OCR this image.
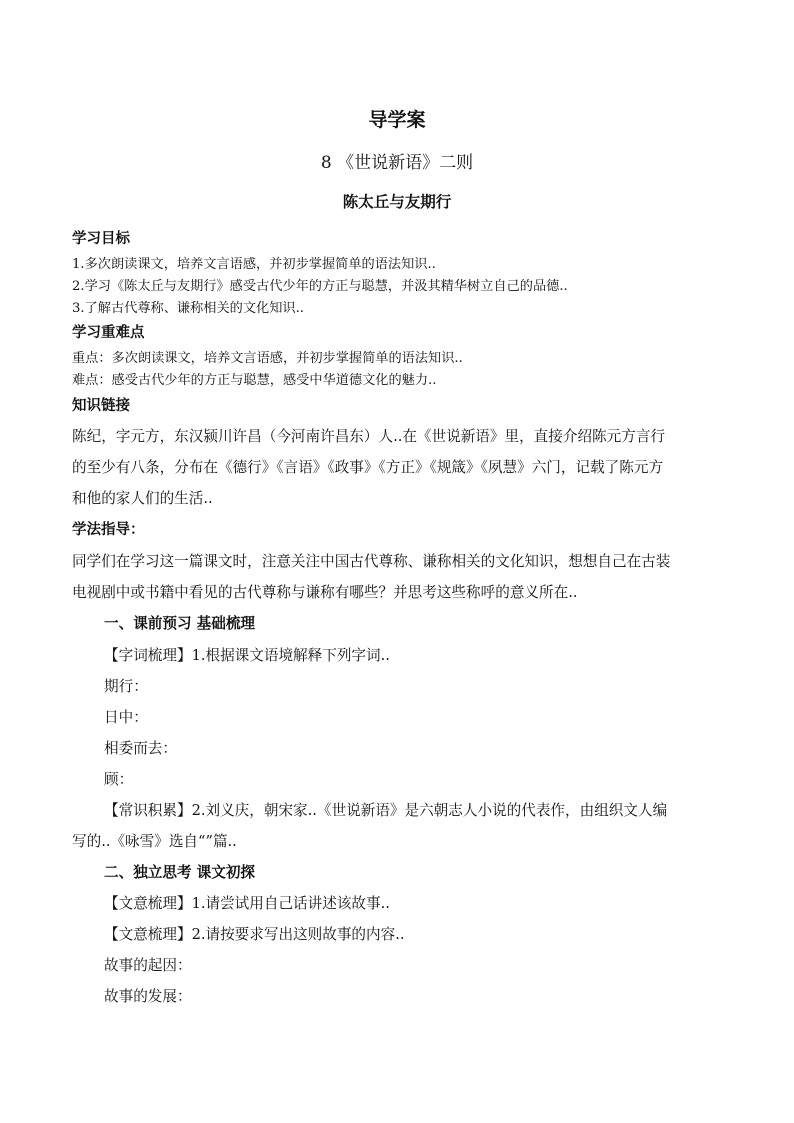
导学案
8 《世说新语》二则
陈太丘与友期行
学习目标
1.多次朗读课文，培养文言语感，并初步掌握简单的语法知识..
2.学习《陈太丘与友期行》感受古代少年的方正与聪慧，并汲其精华树立自己的品德..
3.了解古代尊称、谦称相关的文化知识..
学习重难点
重点：多次朗读课文，培养文言语感，并初步掌握简单的语法知识..
难点：感受古代少年的方正与聪慧，感受中华道德文化的魅力..
知识链接
陈纪，字元方，东汉颍川许昌（今河南许昌东）人..在《世说新语》里，直接介绍陈元方言行
的至少有八条，分布在《德行》《言语》《政事》《方正》《规箴》《夙慧》六门，记载了陈元方
和他的家人们的生活..
学法指导：
同学们在学习这一篇课文时，注意关注中国古代尊称、谦称相关的文化知识，想想自己在古装
电视剧中或书籍中看见的古代尊称与谦称有哪些？并思考这些称呼的意义所在..
一、课前预习 基础梳理
【字词梳理】1.根据课文语境解释下列字词..
期行：
日中：
相委而去：
顾：
【常识积累】2.刘义庆，朝宋家..《世说新语》是六朝志人小说的代表作，由组织文人编
写的..《咏雪》选自“”篇..
二、独立思考 课文初探
【文意梳理】1.请尝试用自己话讲述该故事..
【文意梳理】2.请按要求写出这则故事的内容..
故事的起因：
故事的发展：
